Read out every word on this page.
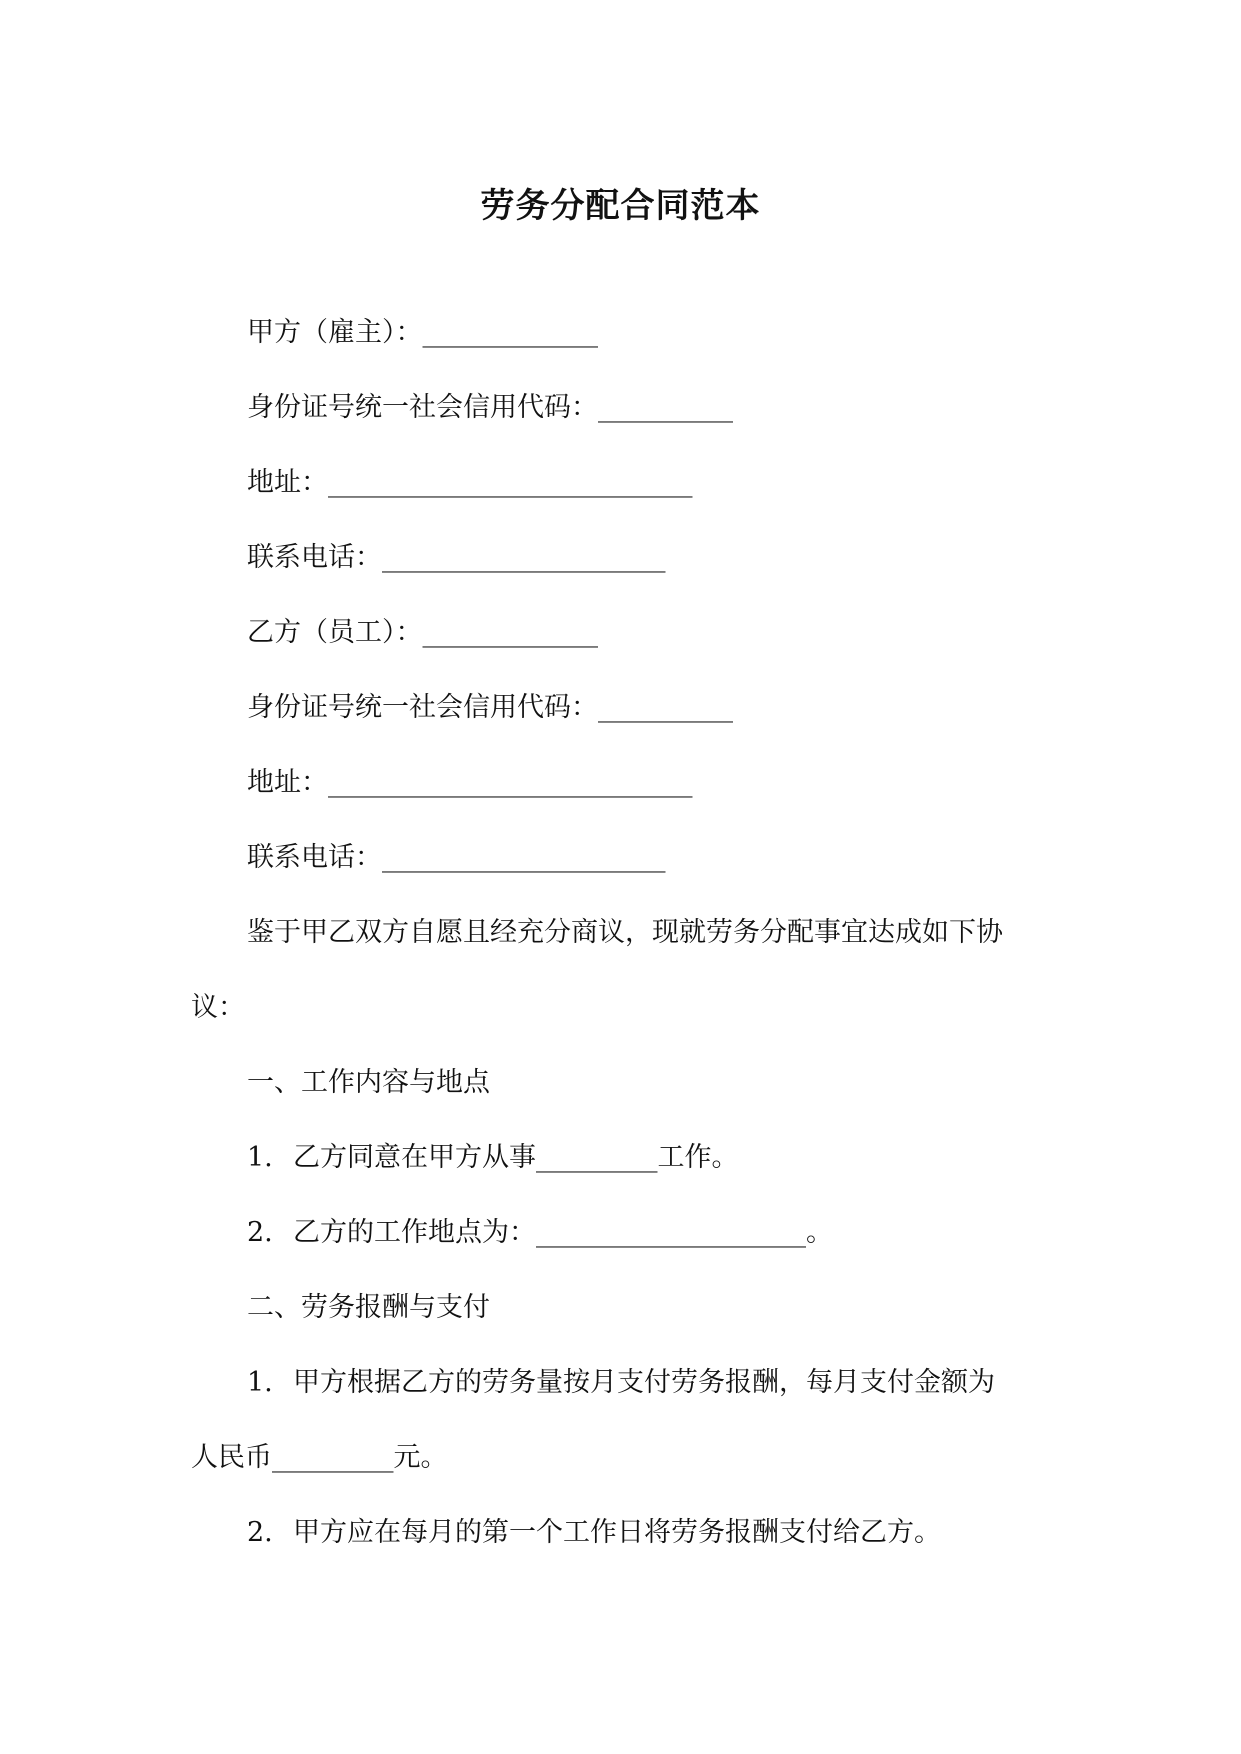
劳务分配合同范本
甲方（雇主）：_____________
身份证号统一社会信用代码：__________
地址：___________________________
联系电话：_____________________
乙方（员工）：_____________
身份证号统一社会信用代码：__________
地址：___________________________
联系电话：_____________________
鉴于甲乙双方自愿且经充分商议，现就劳务分配事宜达成如下协
议：
一、工作内容与地点
1. 乙方同意在甲方从事_________工作。
2. 乙方的工作地点为：____________________。
二、劳务报酬与支付
1. 甲方根据乙方的劳务量按月支付劳务报酬，每月支付金额为
人民币_________元。
2. 甲方应在每月的第一个工作日将劳务报酬支付给乙方。
